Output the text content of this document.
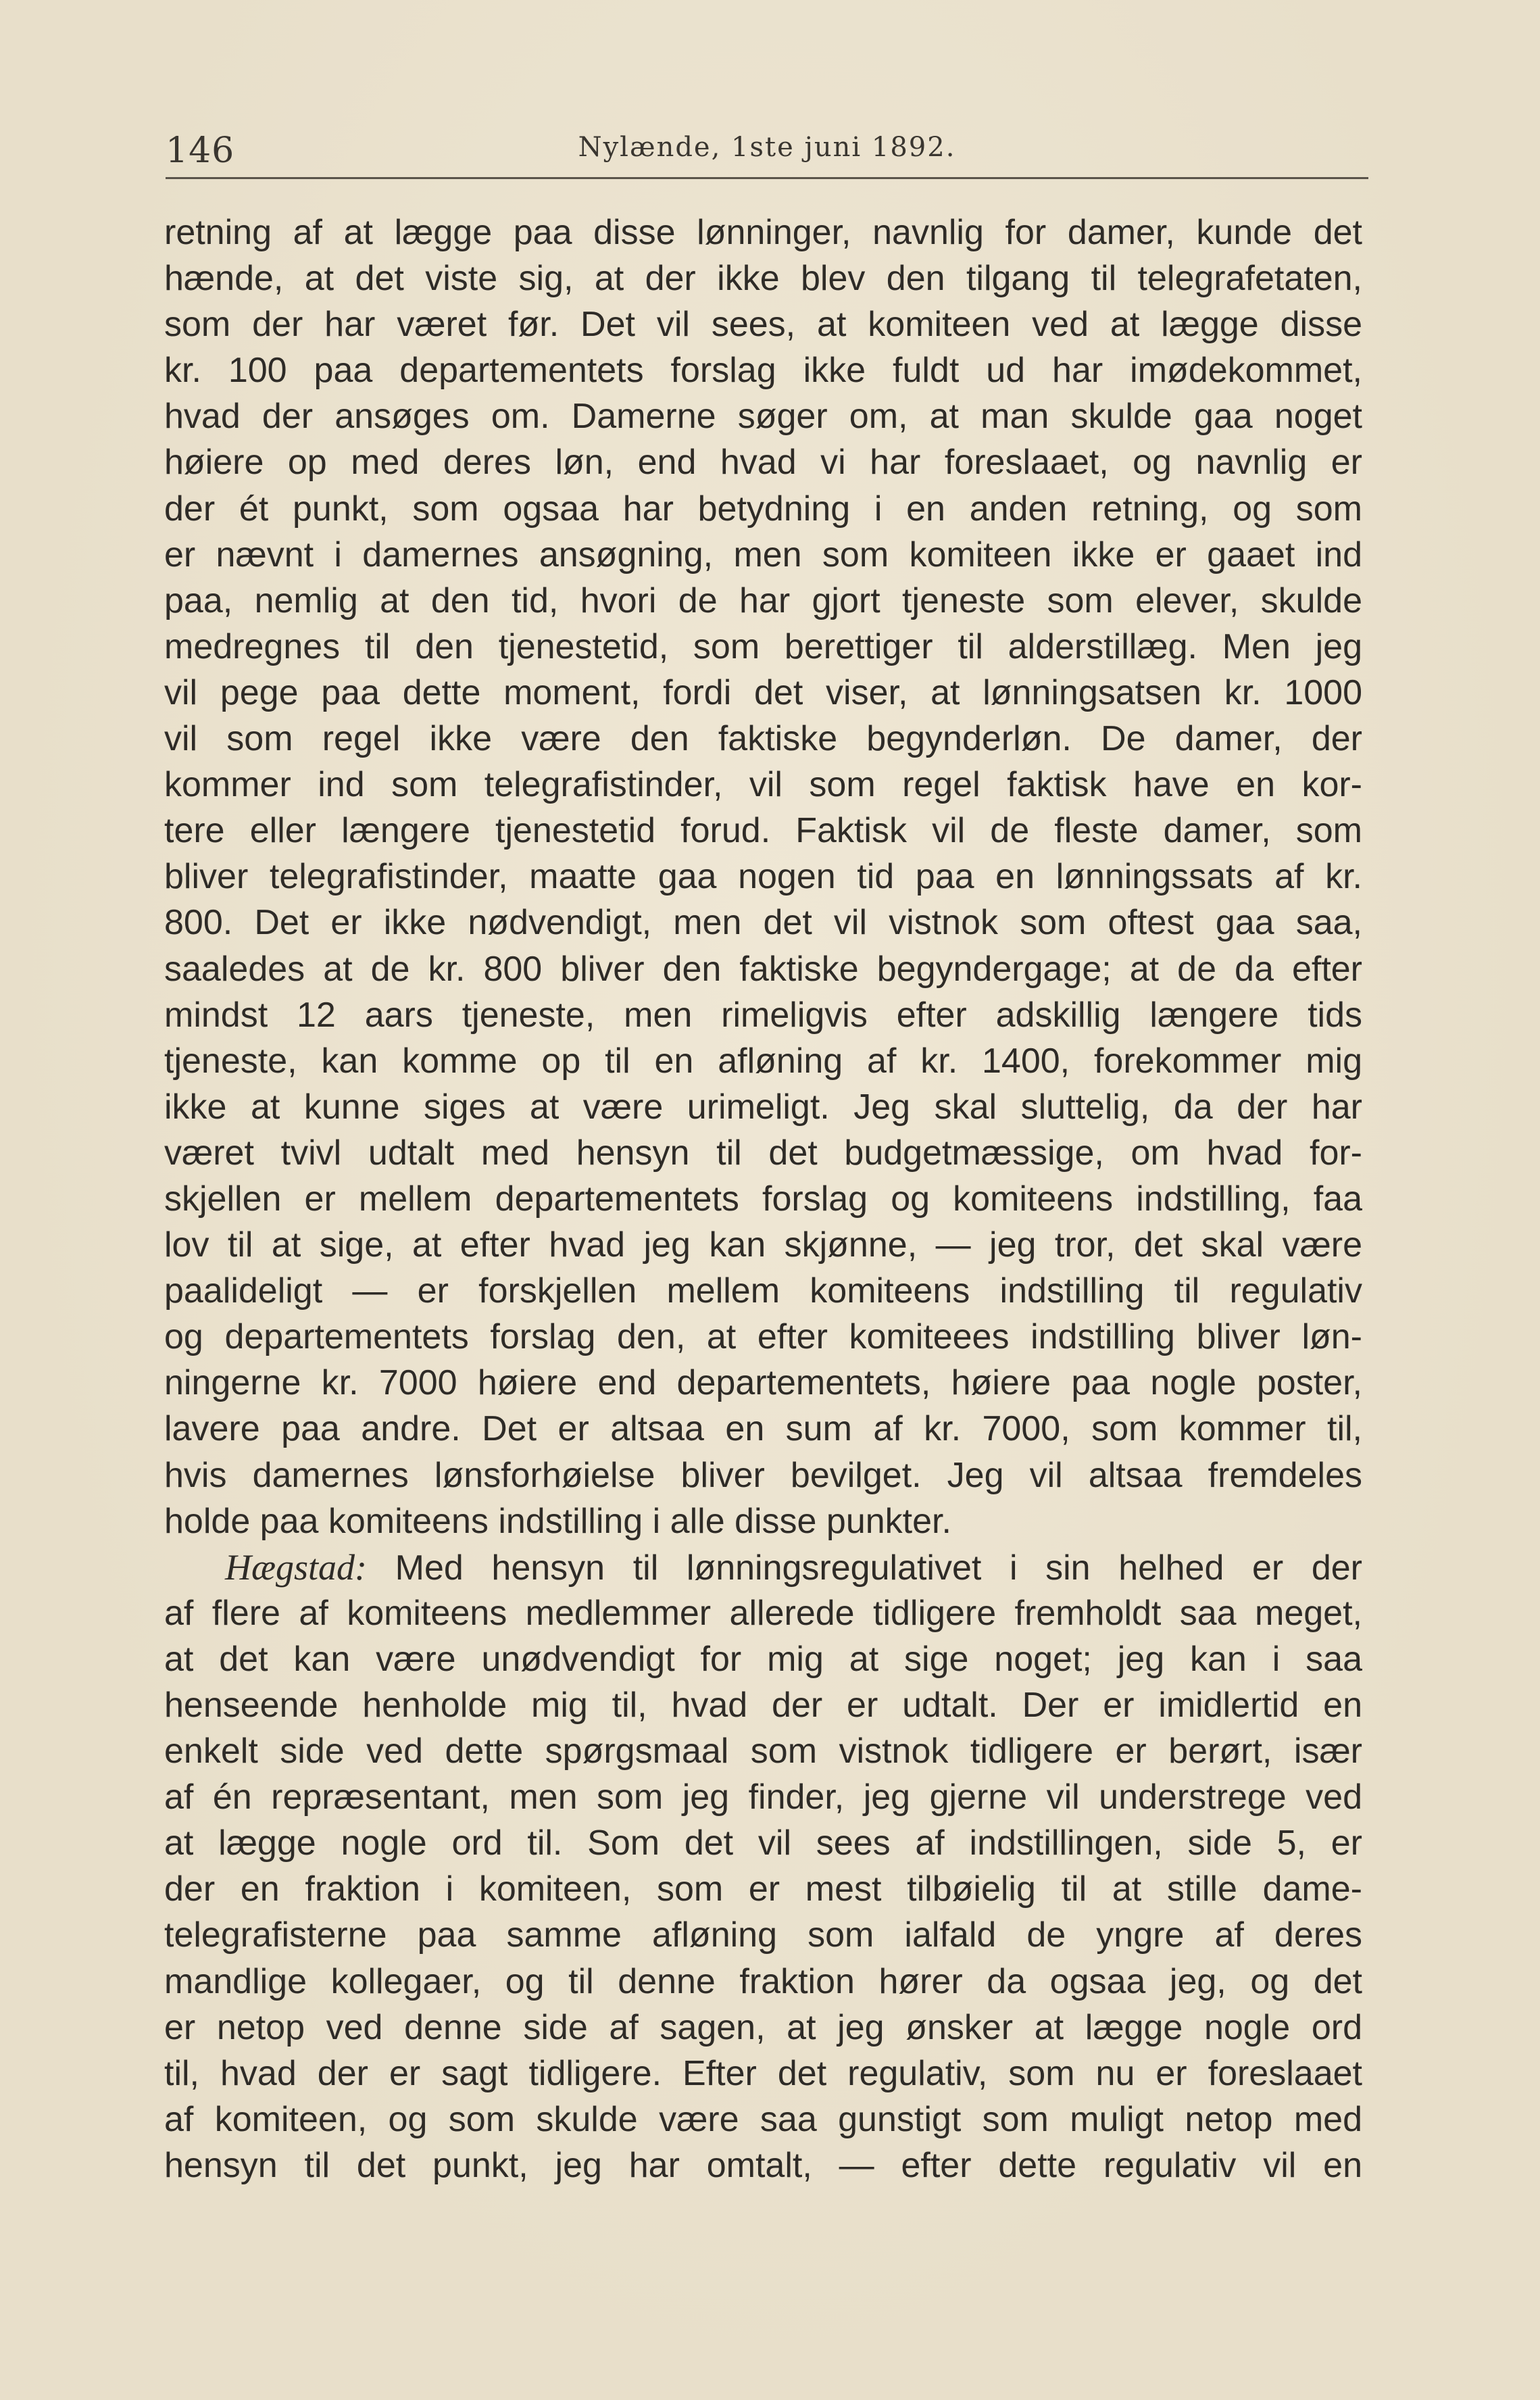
146	Nylænde, 1ste juni 1892.
retning af at lægge paa disse lønninger, navnlig for damer, kunde det
hænde, at det viste sig, at der ikke blev den tilgang til telegrafetaten,
som der har været før. Det vil sees, at komiteen ved at lægge disse
kr. 100 paa departementets forslag ikke fuldt ud har imødekommet,
hvad der ansøges om. Damerne søger om, at man skulde gaa noget
høiere op med deres løn, end hvad vi har foreslaaet, og navnlig er
der ét punkt, som ogsaa har betydning i en anden retning, og som
er nævnt i damernes ansøgning, men som komiteen ikke er gaaet ind
paa, nemlig at den tid, hvori de har gjort tjeneste som elever, skulde
medregnes til den tjenestetid, som berettiger til alderstillæg. Men jeg
vil pege paa dette moment, fordi det viser, at lønningsatsen kr. 1000
vil som regel ikke være den faktiske begynderløn. De damer, der
kommer ind som telegrafistinder, vil som regel faktisk have en kor-
tere eller længere tjenestetid forud. Faktisk vil de fleste damer, som
bliver telegrafistinder, maatte gaa nogen tid paa en lønningssats af kr.
800. Det er ikke nødvendigt, men det vil vistnok som oftest gaa saa,
saaledes at de kr. 800 bliver den faktiske begyndergage; at de da efter
mindst 12 aars tjeneste, men rimeligvis efter adskillig længere tids
tjeneste, kan komme op til en afløning af kr. 1400, forekommer mig
ikke at kunne siges at være urimeligt. Jeg skal sluttelig, da der har
været tvivl udtalt med hensyn til det budgetmæssige, om hvad for-
skjellen er mellem departementets forslag og komiteens indstilling, faa
lov til at sige, at efter hvad jeg kan skjønne, — jeg tror, det skal være
paalideligt — er forskjellen mellem komiteens indstilling til regulativ
og departementets forslag den, at efter komiteees indstilling bliver løn-
ningerne kr. 7000 høiere end departementets, høiere paa nogle poster,
lavere paa andre. Det er altsaa en sum af kr. 7000, som kommer til,
hvis damernes lønsforhøielse bliver bevilget. Jeg vil altsaa fremdeles
holde paa komiteens indstilling i alle disse punkter.
Hægstad: Med hensyn til lønningsregulativet i sin helhed er der
af flere af komiteens medlemmer allerede tidligere fremholdt saa meget,
at det kan være unødvendigt for mig at sige noget; jeg kan i saa
henseende henholde mig til, hvad der er udtalt. Der er imidlertid en
enkelt side ved dette spørgsmaal som vistnok tidligere er berørt, især
af én repræsentant, men som jeg finder, jeg gjerne vil understrege ved
at lægge nogle ord til. Som det vil sees af indstillingen, side 5, er
der en fraktion i komiteen, som er mest tilbøielig til at stille dame-
telegrafisterne paa samme afløning som ialfald de yngre af deres
mandlige kollegaer, og til denne fraktion hører da ogsaa jeg, og det
er netop ved denne side af sagen, at jeg ønsker at lægge nogle ord
til, hvad der er sagt tidligere. Efter det regulativ, som nu er foreslaaet
af komiteen, og som skulde være saa gunstigt som muligt netop med
hensyn til det punkt, jeg har omtalt, — efter dette regulativ vil en
